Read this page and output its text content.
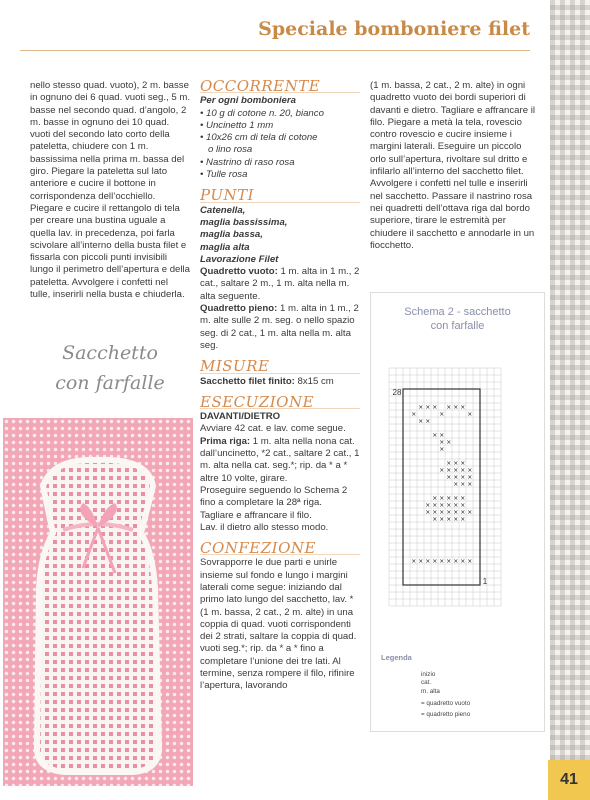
Speciale bomboniere filet

nello stesso quad. vuoto), 2 m. basse in ognuno dei 6 quad. vuoti seg., 5 m. basse nel secondo quad. d’angolo, 2 m. basse in ognuno dei 10 quad. vuoti del secondo lato corto della pateletta, chiudere con 1 m. bassissima nella prima m. bassa del giro. Piegare la pateletta sul lato anteriore e cucire il bottone in corrispondenza dell’occhiello. Piegare e cucire il rettangolo di tela per creare una bustina uguale a quella lav. in precedenza, poi farla scivolare all’interno della busta filet e fissarla con piccoli punti invisibili lungo il perimetro dell’apertura e della pateletta. Avvolgere i confetti nel tulle, inserirli nella busta e chiuderla.

Sacchetto
con farfalle
OCCORRENTE
Per ogni bomboniera
• 10 g di cotone n. 20, bianco
• Uncinetto 1 mm
• 10x26 cm di tela di cotone
o lino rosa
• Nastrino di raso rosa
• Tulle rosa
PUNTI
Catenella,
maglia bassissima,
maglia bassa,
maglia alta
Lavorazione Filet

Quadretto vuoto: 1 m. alta in 1 m., 2 cat., saltare 2 m., 1 m. alta nella m. alta seguente.

Quadretto pieno: 1 m. alta in 1 m., 2 m. alte sulle 2 m. seg. o nello spazio seg. di 2 cat., 1 m. alta nella m. alta seg.

MISURE

Sacchetto filet finito: 8x15 cm

ESECUZIONE
DAVANTI/DIETRO

Avviare 42 cat. e lav. come segue.

Prima riga: 1 m. alta nella nona cat. dall’uncinetto, *2 cat., saltare 2 cat., 1 m. alta nella cat. seg.*; rip. da * a * altre 10 volte, girare.

Proseguire seguendo lo Schema 2 fino a completare la 28ª riga.

Tagliare e affrancare il filo.

Lav. il dietro allo stesso modo.

CONFEZIONE

Sovrapporre le due parti e unirle insieme sul fondo e lungo i margini laterali come segue: iniziando dal primo lato lungo del sacchetto, lav. *(1 m. bassa, 2 cat., 2 m. alte) in una coppia di quad. vuoti corrispondenti dei 2 strati, saltare la coppia di quad. vuoti seg.*; rip. da * a * fino a completare l’unione dei tre lati. Al termine, senza rompere il filo, rifinire l’apertura, lavorando

(1 m. bassa, 2 cat., 2 m. alte) in ogni quadretto vuoto dei bordi superiori di davanti e dietro. Tagliare e affrancare il filo. Piegare a metà la tela, rovescio contro rovescio e cucire insieme i margini laterali. Eseguire un piccolo orlo sull’apertura, rivoltare sul dritto e infilarlo all’interno del sacchetto filet. Avvolgere i confetti nel tulle e inserirli nel sacchetto. Passare il nastrino rosa nei quadretti dell’ottava riga dal bordo superiore, tirare le estremità per chiudere il sacchetto e annodarle in un fiocchetto.

Schema 2 - sacchetto
con farfalle
× × × × × ×
×	×	×
× ×
× ×
× ×
×
× × ×
× × × × ×
× × × ×
× × ×
× × × × ×
× × × × × ×
× × × × × × ×
× × × × ×
× × × × × × × × ×
28
1
Legenda
inizio
cat.
m. alta
= quadretto vuoto
= quadretto pieno
41
